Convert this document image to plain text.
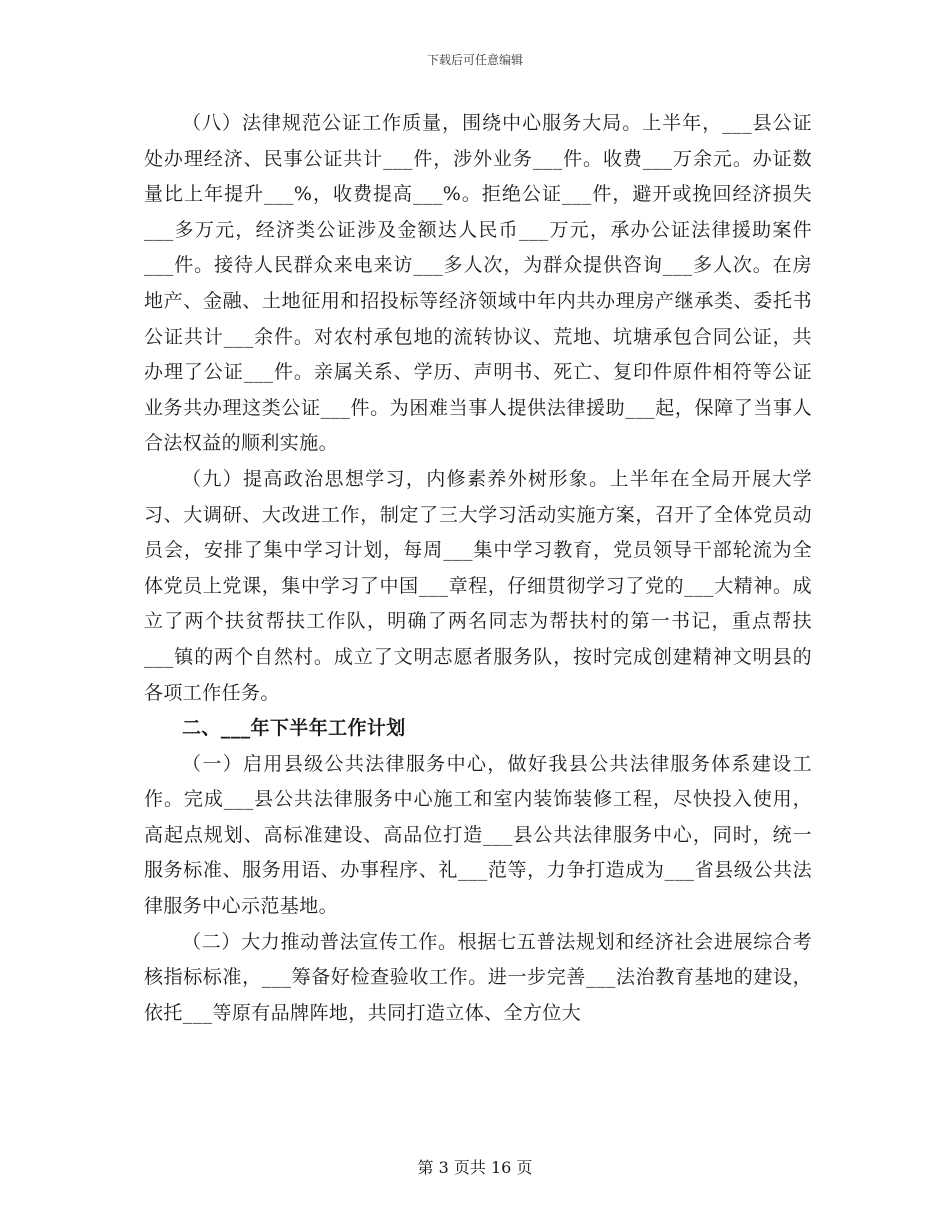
下载后可任意编辑

（八）法律规范公证工作质量，围绕中心服务大局。上半年，___县公证处办理经济、民事公证共计___件，涉外业务___件。收费___万余元。办证数量比上年提升___%，收费提高___%。拒绝公证___件，避开或挽回经济损失___多万元，经济类公证涉及金额达人民币___万元，承办公证法律援助案件___件。接待人民群众来电来访___多人次，为群众提供咨询___多人次。在房地产、金融、土地征用和招投标等经济领域中年内共办理房产继承类、委托书公证共计___余件。对农村承包地的流转协议、荒地、坑塘承包合同公证，共办理了公证___件。亲属关系、学历、声明书、死亡、复印件原件相符等公证业务共办理这类公证___件。为困难当事人提供法律援助___起，保障了当事人合法权益的顺利实施。

（九）提高政治思想学习，内修素养外树形象。上半年在全局开展大学习、大调研、大改进工作，制定了三大学习活动实施方案，召开了全体党员动员会，安排了集中学习计划，每周___集中学习教育，党员领导干部轮流为全体党员上党课，集中学习了中国___章程，仔细贯彻学习了党的___大精神。成立了两个扶贫帮扶工作队，明确了两名同志为帮扶村的第一书记，重点帮扶___镇的两个自然村。成立了文明志愿者服务队，按时完成创建精神文明县的各项工作任务。

二、___年下半年工作计划

（一）启用县级公共法律服务中心，做好我县公共法律服务体系建设工作。完成___县公共法律服务中心施工和室内装饰装修工程，尽快投入使用，高起点规划、高标准建设、高品位打造___县公共法律服务中心，同时，统一服务标准、服务用语、办事程序、礼___范等，力争打造成为___省县级公共法律服务中心示范基地。

（二）大力推动普法宣传工作。根据七五普法规划和经济社会进展综合考核指标标准，___筹备好检查验收工作。进一步完善___法治教育基地的建设，依托___等原有品牌阵地，共同打造立体、全方位大

第 3 页共 16 页
